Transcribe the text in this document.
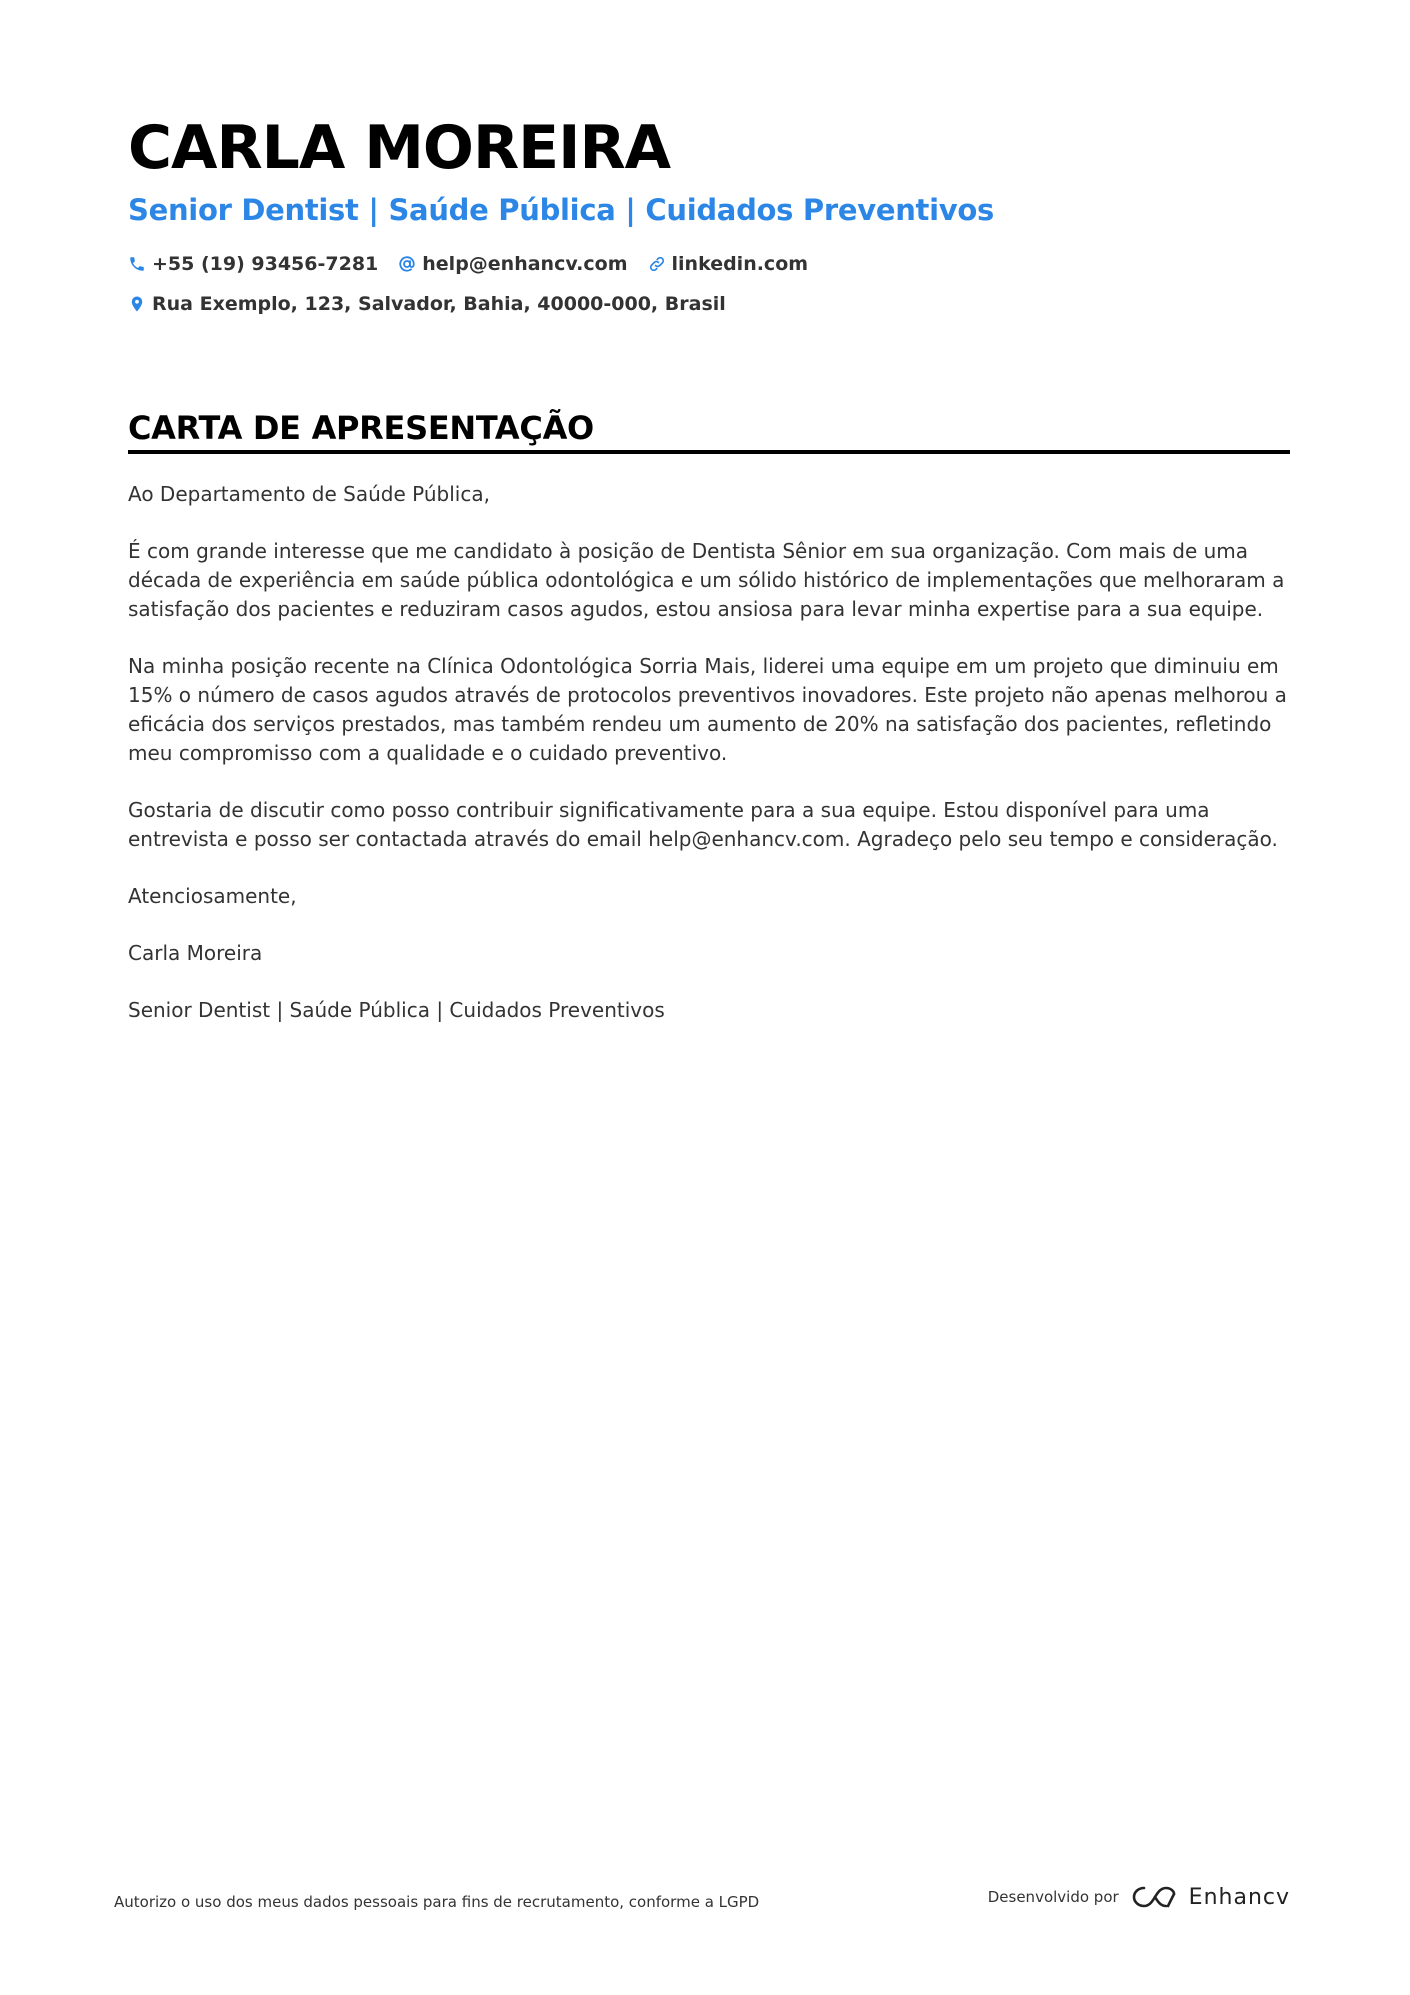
CARLA MOREIRA
Senior Dentist | Saúde Pública | Cuidados Preventivos
+55 (19) 93456-7281 help@enhancv.com linkedin.com
Rua Exemplo, 123, Salvador, Bahia, 40000-000, Brasil
CARTA DE APRESENTAÇÃO

Ao Departamento de Saúde Pública,

É com grande interesse que me candidato à posição de Dentista Sênior em sua organização. Com mais de uma década de experiência em saúde pública odontológica e um sólido histórico de implementações que melhoraram a satisfação dos pacientes e reduziram casos agudos, estou ansiosa para levar minha expertise para a sua equipe.

Na minha posição recente na Clínica Odontológica Sorria Mais, liderei uma equipe em um projeto que diminuiu em 15% o número de casos agudos através de protocolos preventivos inovadores. Este projeto não apenas melhorou a eficácia dos serviços prestados, mas também rendeu um aumento de 20% na satisfação dos pacientes, refletindo meu compromisso com a qualidade e o cuidado preventivo.

Gostaria de discutir como posso contribuir significativamente para a sua equipe. Estou disponível para uma entrevista e posso ser contactada através do email help@enhancv.com. Agradeço pelo seu tempo e consideração.

Atenciosamente,

Carla Moreira

Senior Dentist | Saúde Pública | Cuidados Preventivos

Autorizo o uso dos meus dados pessoais para fins de recrutamento, conforme a LGPD	Desenvolvido por	Enhancv
